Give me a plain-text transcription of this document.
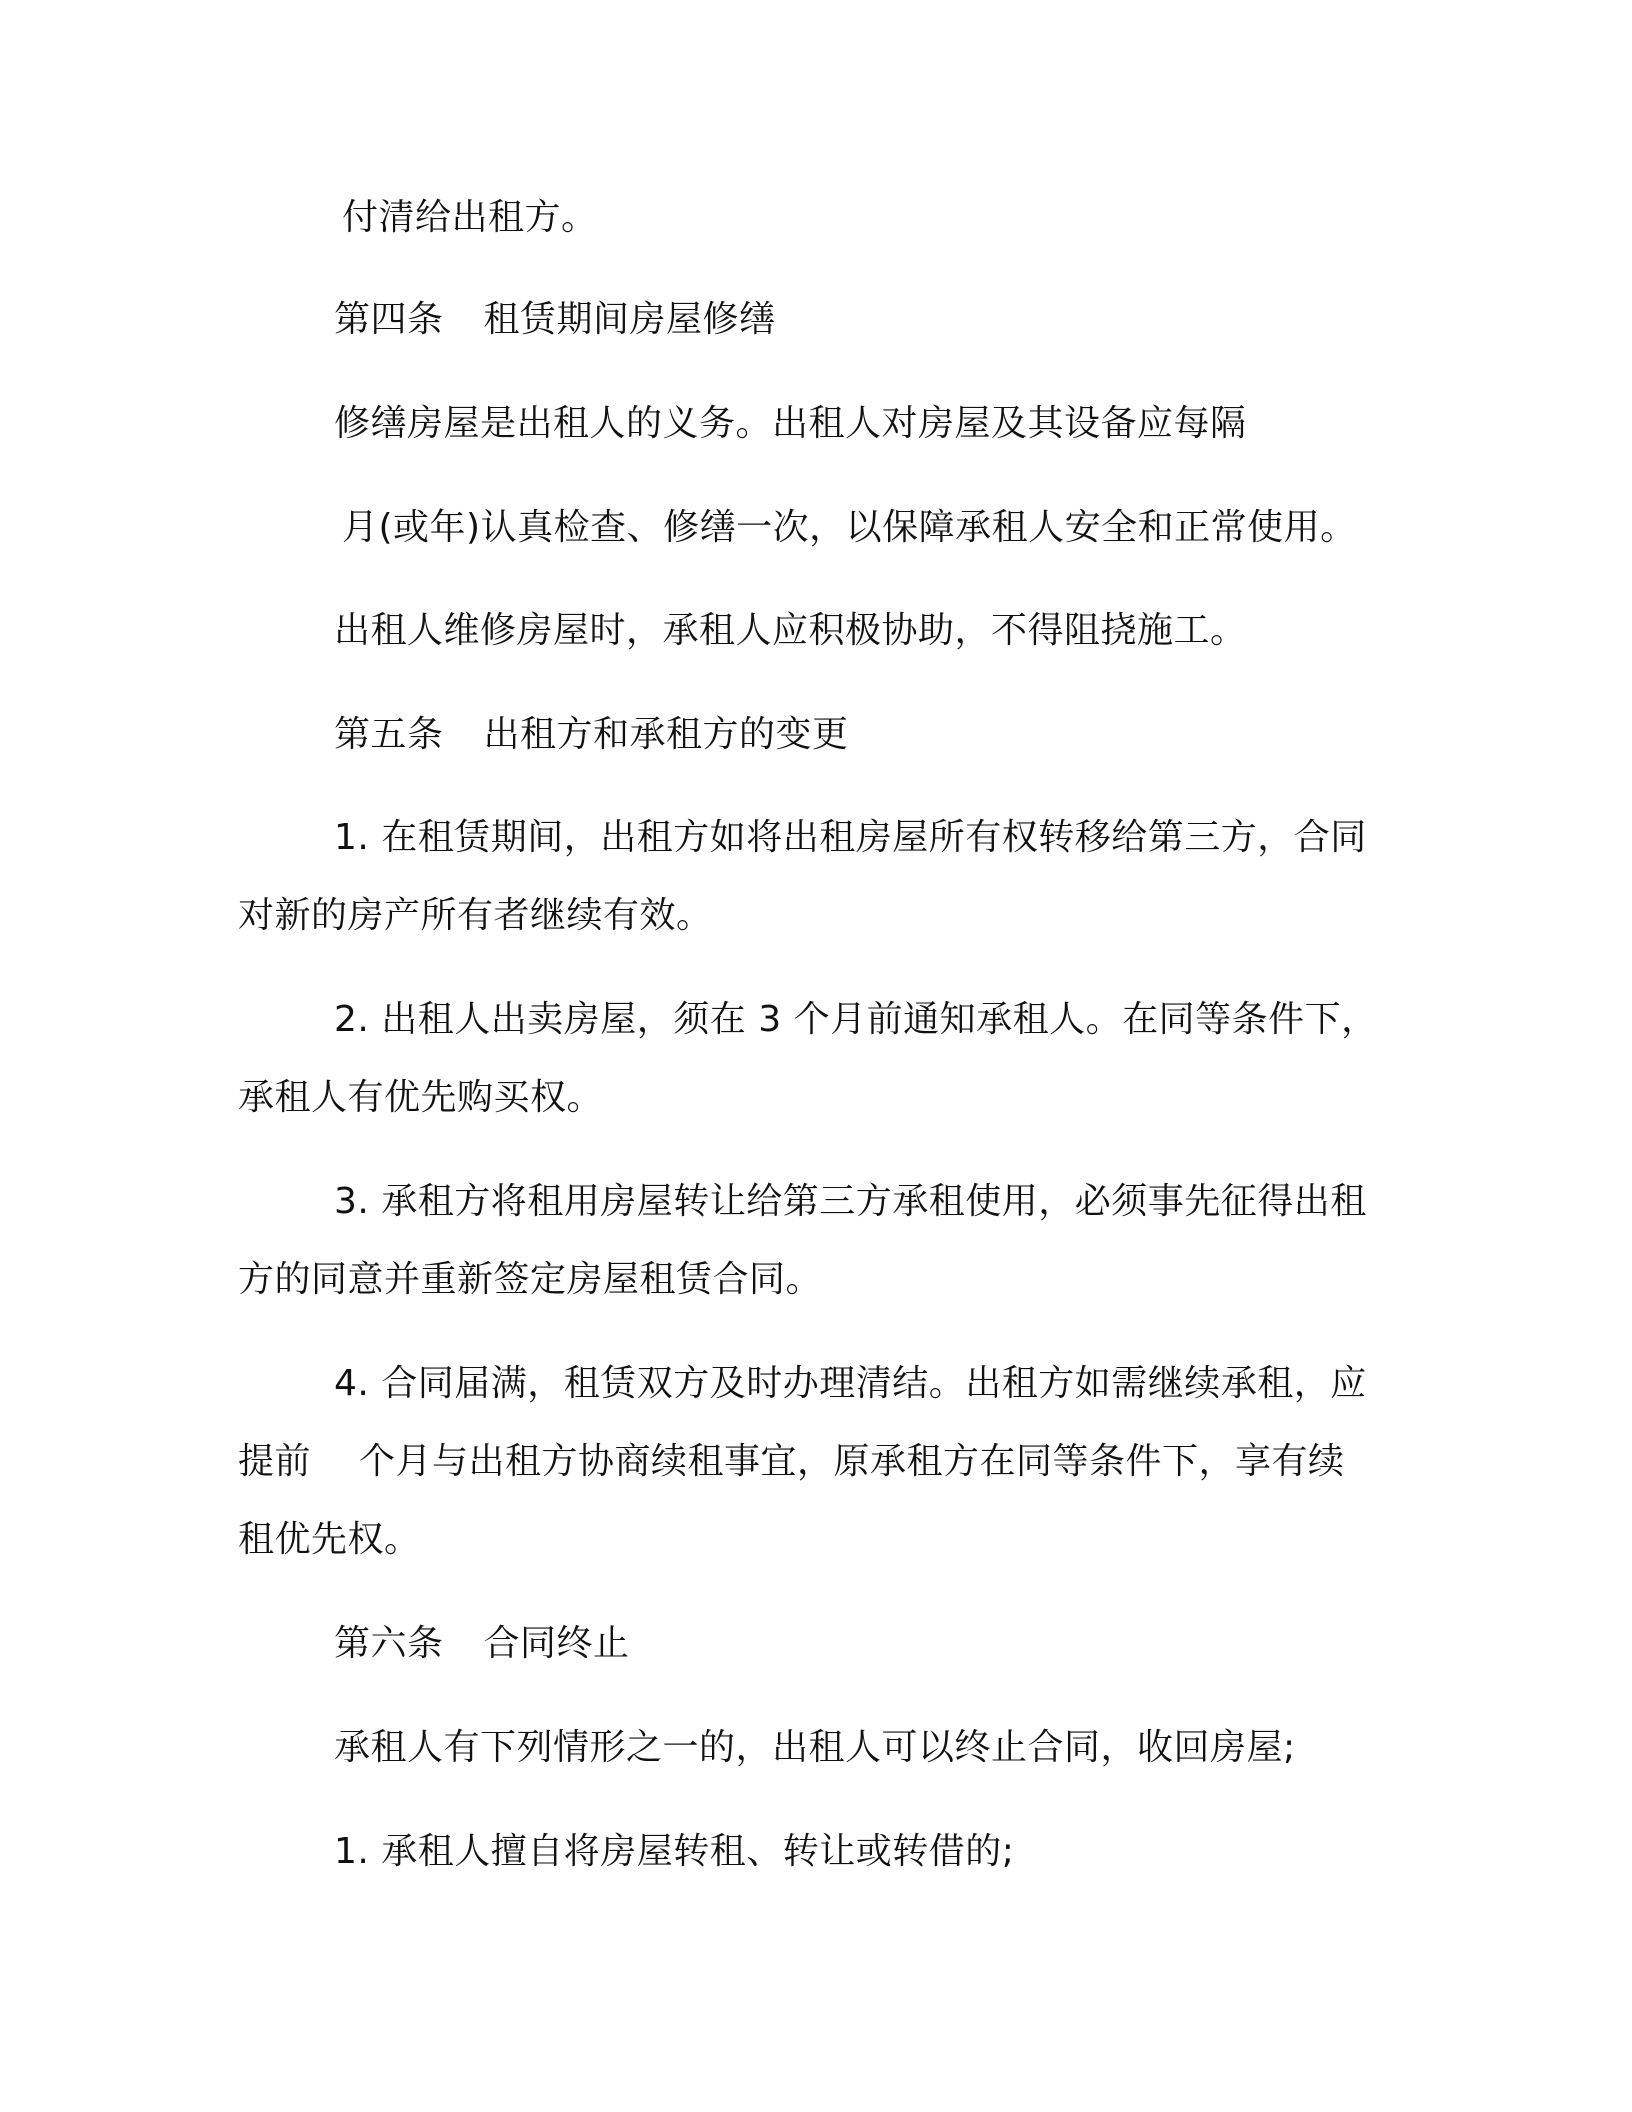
付清给出租方。
第四条 租赁期间房屋修缮
修缮房屋是出租人的义务。出租人对房屋及其设备应每隔
月(或年)认真检查、修缮一次，以保障承租人安全和正常使用。
出租人维修房屋时，承租人应积极协助，不得阻挠施工。
第五条 出租方和承租方的变更
1. 在租赁期间，出租方如将出租房屋所有权转移给第三方，合同
对新的房产所有者继续有效。
2. 出租人出卖房屋，须在 3 个月前通知承租人。在同等条件下，
承租人有优先购买权。
3. 承租方将租用房屋转让给第三方承租使用，必须事先征得出租
方的同意并重新签定房屋租赁合同。
4. 合同届满，租赁双方及时办理清结。出租方如需继续承租，应
提前 个月与出租方协商续租事宜，原承租方在同等条件下，享有续
租优先权。
第六条 合同终止
承租人有下列情形之一的，出租人可以终止合同，收回房屋;
1. 承租人擅自将房屋转租、转让或转借的;
